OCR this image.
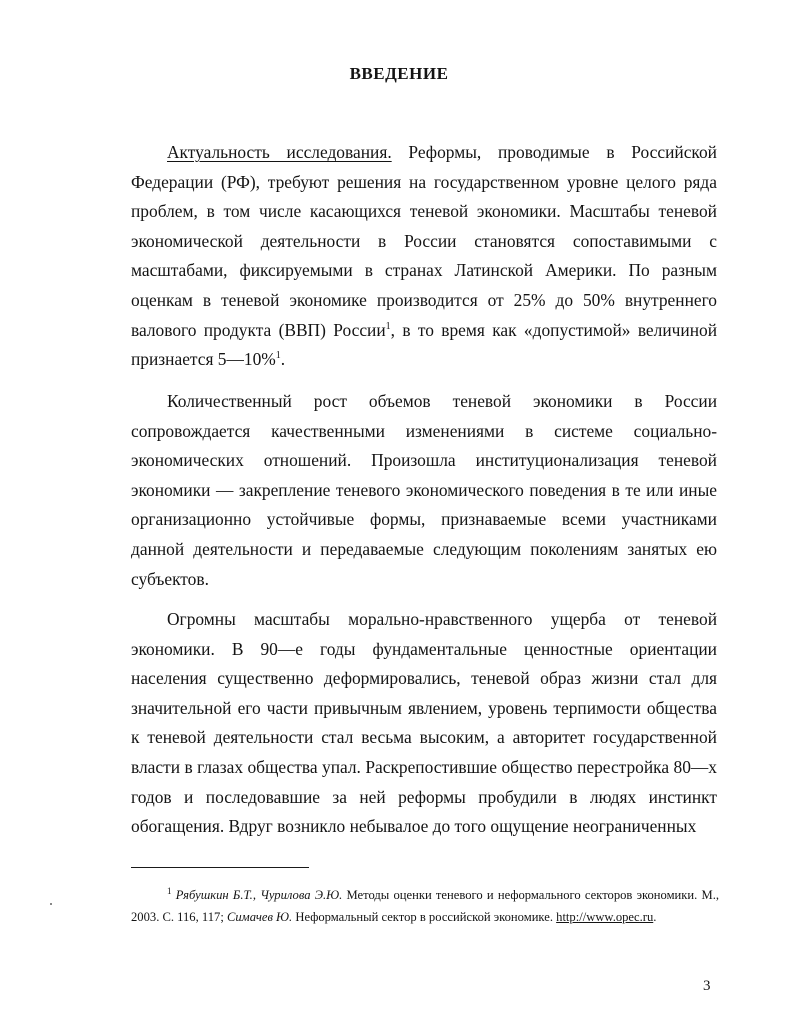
ВВЕДЕНИЕ

Актуальность исследования. Реформы, проводимые в Российской Федерации (РФ), требуют решения на государственном уровне целого ряда проблем, в том числе касающихся теневой экономики. Масштабы теневой экономической деятельности в России становятся сопоставимыми с масштабами, фиксируемыми в странах Латинской Америки. По разным оценкам в теневой экономике производится от 25% до 50% внутреннего валового продукта (ВВП) России$^1$, в то время как «допустимой» величиной признается 5—10%$^1$.

Количественный рост объемов теневой экономики в России сопровождается качественными изменениями в системе социально-экономических отношений. Произошла институционализация теневой экономики — закрепление теневого экономического поведения в те или иные организационно устойчивые формы, признаваемые всеми участниками данной деятельности и передаваемые следующим поколениям занятых ею субъектов.

Огромны масштабы морально-нравственного ущерба от теневой экономики. В 90—е годы фундаментальные ценностные ориентации населения существенно деформировались, теневой образ жизни стал для значительной его части привычным явлением, уровень терпимости общества к теневой деятельности стал весьма высоким, а авторитет государственной власти в глазах общества упал. Раскрепостившие общество перестройка 80—х годов и последовавшие за ней реформы пробудили в людях инстинкт обогащения. Вдруг возникло небывалое до того ощущение неограниченных

$^1$ Рябушкин Б.Т., Чурилова Э.Ю. Методы оценки теневого и неформального секторов экономики. М., 2003. С. 116, 117; Симачев Ю. Неформальный сектор в российской экономике. http://www.opec.ru.
3
